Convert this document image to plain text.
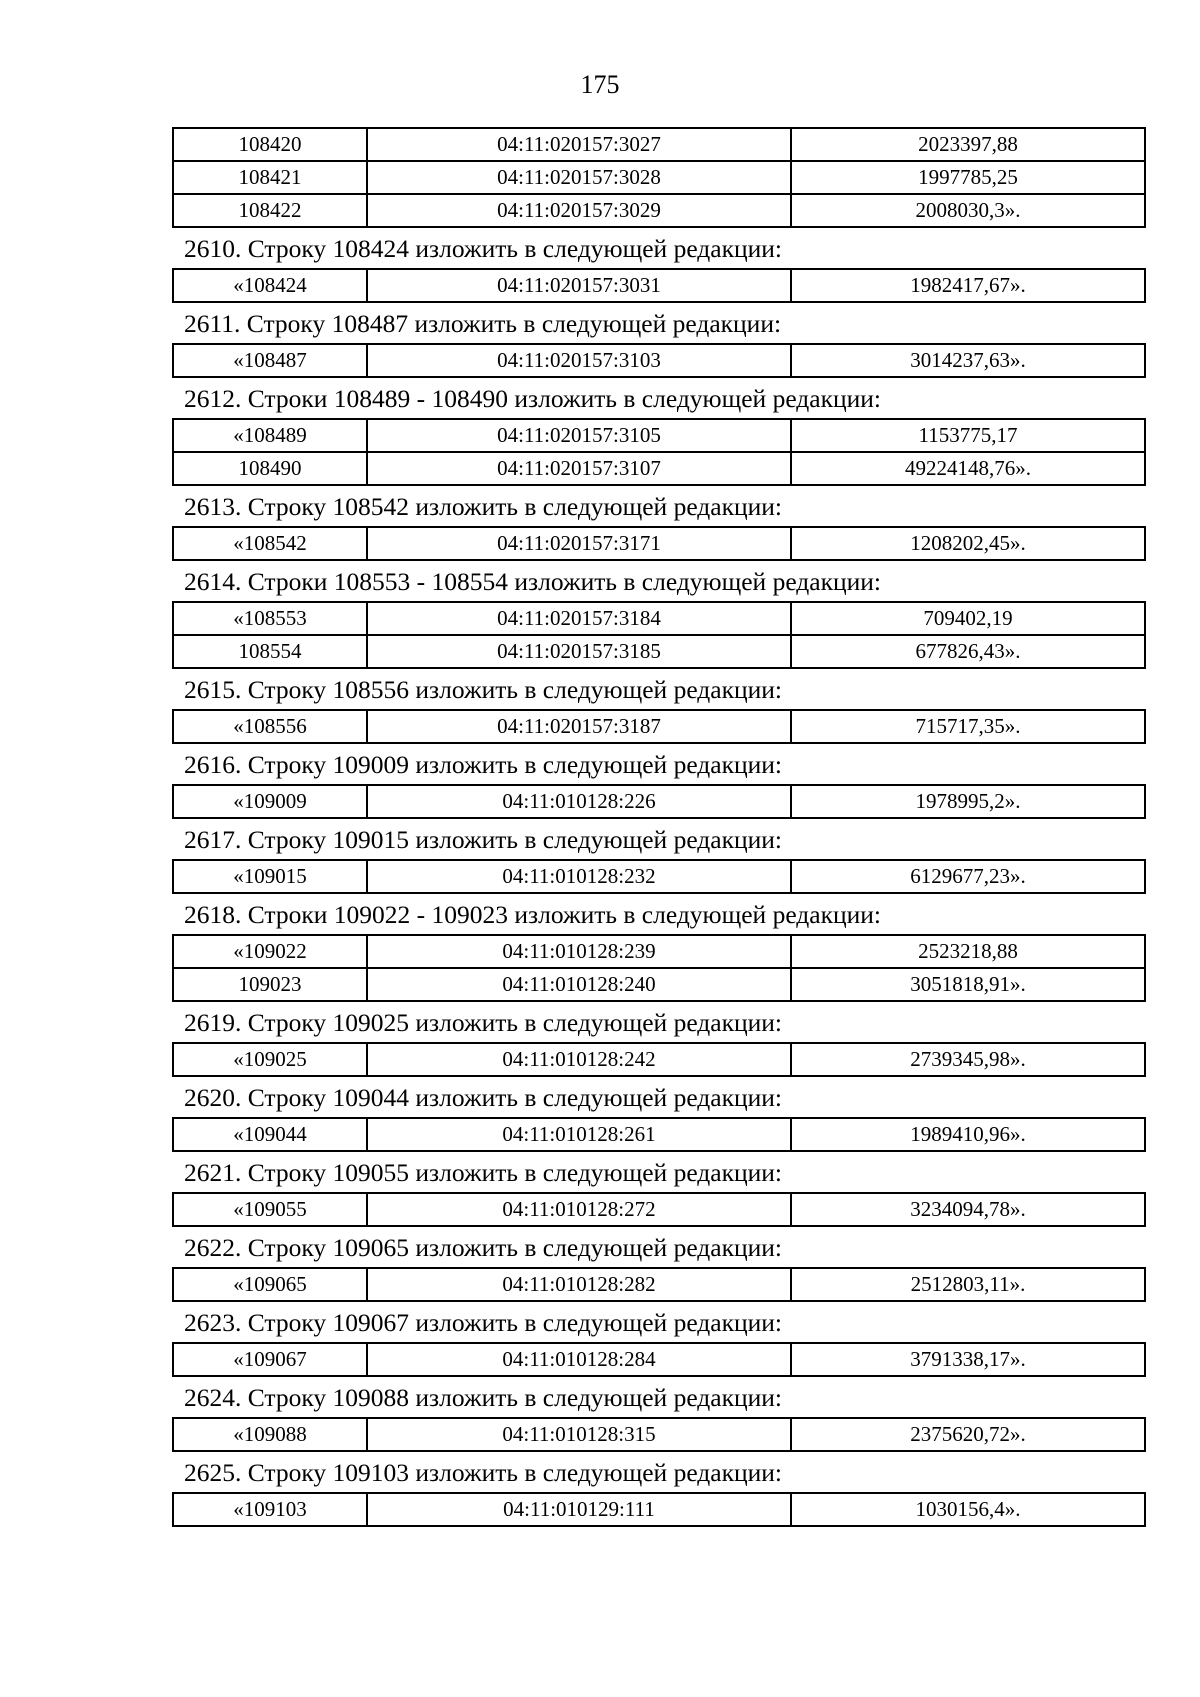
175
108420	04:11:020157:3027	2023397,88
108421	04:11:020157:3028	1997785,25
108422	04:11:020157:3029	2008030,3».
2610. Строку 108424 изложить в следующей редакции:
«108424	04:11:020157:3031	1982417,67».
2611. Строку 108487 изложить в следующей редакции:
«108487	04:11:020157:3103	3014237,63».
2612. Строки 108489 - 108490 изложить в следующей редакции:
«108489	04:11:020157:3105	1153775,17
108490	04:11:020157:3107	49224148,76».
2613. Строку 108542 изложить в следующей редакции:
«108542	04:11:020157:3171	1208202,45».
2614. Строки 108553 - 108554 изложить в следующей редакции:
«108553	04:11:020157:3184	709402,19
108554	04:11:020157:3185	677826,43».
2615. Строку 108556 изложить в следующей редакции:
«108556	04:11:020157:3187	715717,35».
2616. Строку 109009 изложить в следующей редакции:
«109009	04:11:010128:226	1978995,2».
2617. Строку 109015 изложить в следующей редакции:
«109015	04:11:010128:232	6129677,23».
2618. Строки 109022 - 109023 изложить в следующей редакции:
«109022	04:11:010128:239	2523218,88
109023	04:11:010128:240	3051818,91».
2619. Строку 109025 изложить в следующей редакции:
«109025	04:11:010128:242	2739345,98».
2620. Строку 109044 изложить в следующей редакции:
«109044	04:11:010128:261	1989410,96».
2621. Строку 109055 изложить в следующей редакции:
«109055	04:11:010128:272	3234094,78».
2622. Строку 109065 изложить в следующей редакции:
«109065	04:11:010128:282	2512803,11».
2623. Строку 109067 изложить в следующей редакции:
«109067	04:11:010128:284	3791338,17».
2624. Строку 109088 изложить в следующей редакции:
«109088	04:11:010128:315	2375620,72».
2625. Строку 109103 изложить в следующей редакции:
«109103	04:11:010129:111	1030156,4».
